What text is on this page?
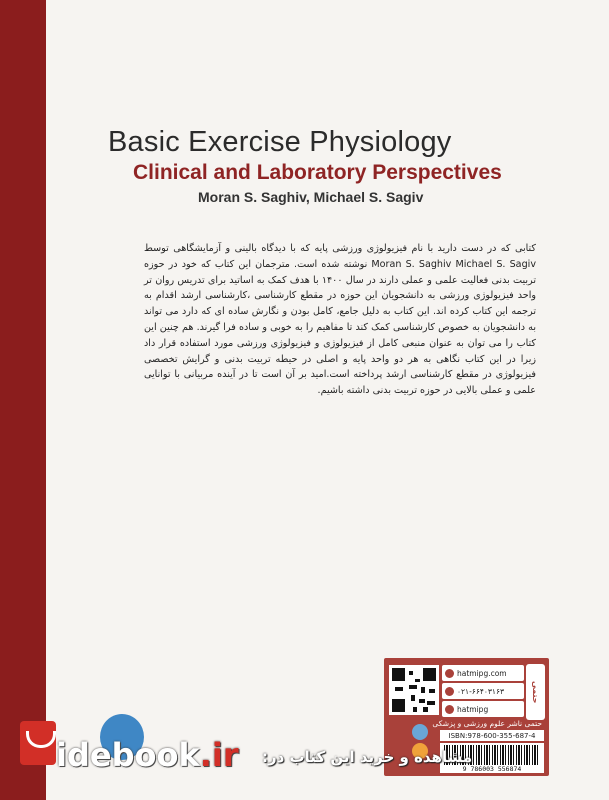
Basic Exercise Physiology
Clinical and Laboratory Perspectives
Moran S. Saghiv, Michael S. Sagiv
کتابی که در دست دارید با نام فیزیولوژی ورزشی پایه که با دیدگاه بالینی و آزمایشگاهی توسط Moran S. Saghiv Michael S. Sagiv نوشته شده است. مترجمان این کتاب که خود در حوزه تربیت بدنی فعالیت علمی و عملی دارند در سال ۱۴۰۰ با هدف کمک به اساتید برای تدریس روان تر واحد فیزیولوژی ورزشی به دانشجویان این حوزه در مقطع کارشناسی ،کارشناسی ارشد اقدام به ترجمه این کتاب کرده اند. این کتاب به دلیل جامع، کامل بودن و نگارش ساده ای که دارد می تواند به دانشجویان به خصوص کارشناسی کمک کند تا مفاهیم را به خوبی و ساده فرا گیرند. هم چنین این کتاب را می توان به عنوان منبعی کامل از فیزیولوژی و فیزیولوژی ورزشی مورد استفاده قرار داد زیرا در این کتاب نگاهی به هر دو واحد پایه و اصلی در حیطه تربیت بدنی و گرایش تخصصی فیزیولوژی در مقطع کارشناسی ارشد پرداخته است.امید بر آن است تا در آینده مربیانی با توانایی علمی و عملی بالایی در حوزه تربیت بدنی داشته باشیم.
hatmipg.com
۰۲۱-۶۶۴۰۳۱۶۳
hatmipg
حتمی
حتمی ناشر علوم ورزشی و پزشکی
ISBN:978-600-355-687-4
9 786003 556874
idebook.ir مشاهده و خرید این کتاب در:
